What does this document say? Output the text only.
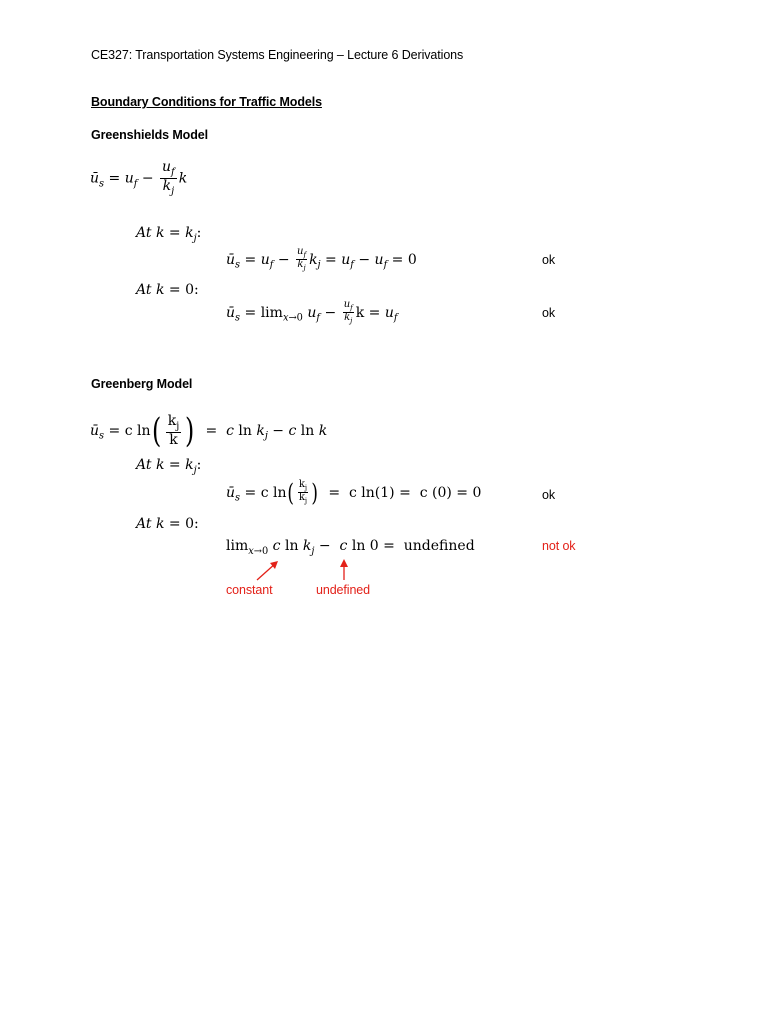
CE327: Transportation Systems Engineering – Lecture 6 Derivations
Boundary Conditions for Traffic Models
Greenshields Model
$ū_s = u_f - \frac{u_f}{k_j}$ k
At $k = k_j$:
$ū_s = u_f - \frac{u_f}{k_j} k_j = u_f - u_f = 0$	ok
At k = 0:
$ū_s = \lim_{x\to 0} u_f - \frac{u_f}{k_j}$ $k = u_f$	ok
Greenberg Model
$ū_s = c$ $\ln( \frac{k_j}{k}$ )  =  c $\ln k_j - c$ ln k
At $k = k_j$:
$ū_s = c$ $\ln( \frac{k_j}{k_j}$ )  =  c ln(1) =  c (0) = 0	ok
At k = 0:
$\lim_{x\to 0} c$ $\ln k_j - c$ ln 0 =  undefined	not ok
constant	undefined
